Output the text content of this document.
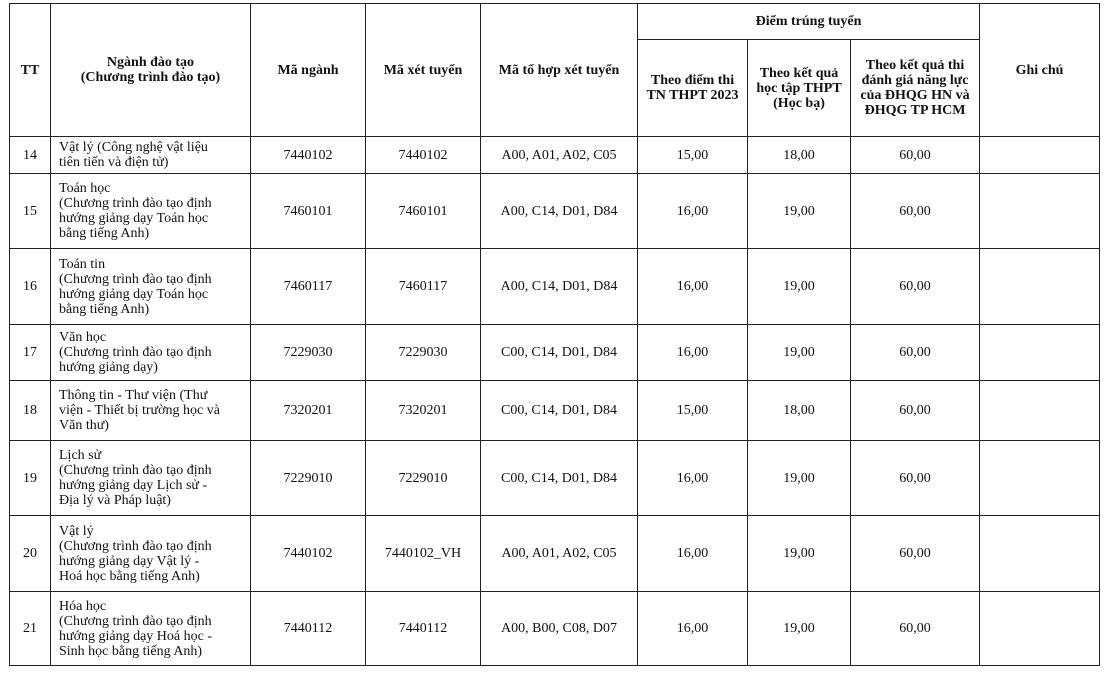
TT	Ngành đào tạo
(Chương trình đào tạo)	Mã ngành	Mã xét tuyển	Mã tổ hợp xét tuyển	Điểm trúng tuyển			Ghi chú
					Theo điểm thi TN THPT 2023	Theo kết quả học tập THPT (Học bạ)	Theo kết quả thi đánh giá năng lực của ĐHQG HN và ĐHQG TP HCM	
14	Vật lý (Công nghệ vật liệu
tiên tiến và điện tử)	7440102	7440102	A00, A01, A02, C05	15,00	18,00	60,00	
15	Toán học
(Chương trình đào tạo định
hướng giảng dạy Toán học
bằng tiếng Anh)	7460101	7460101	A00, C14, D01, D84	16,00	19,00	60,00	
16	Toán tin
(Chương trình đào tạo định
hướng giảng dạy Toán học
bằng tiếng Anh)	7460117	7460117	A00, C14, D01, D84	16,00	19,00	60,00	
17	Văn học
(Chương trình đào tạo định
hướng giảng dạy)	7229030	7229030	C00, C14, D01, D84	16,00	19,00	60,00	
18	Thông tin - Thư viện (Thư
viện - Thiết bị trường học và
Văn thư)	7320201	7320201	C00, C14, D01, D84	15,00	18,00	60,00	
19	Lịch sử
(Chương trình đào tạo định
hướng giảng dạy Lịch sử -
Địa lý và Pháp luật)	7229010	7229010	C00, C14, D01, D84	16,00	19,00	60,00	
20	Vật lý
(Chương trình đào tạo định
hướng giảng dạy Vật lý -
Hoá học bằng tiếng Anh)	7440102	7440102_VH	A00, A01, A02, C05	16,00	19,00	60,00	
21	Hóa học
(Chương trình đào tạo định
hướng giảng dạy Hoá học -
Sinh học bằng tiếng Anh)	7440112	7440112	A00, B00, C08, D07	16,00	19,00	60,00	
